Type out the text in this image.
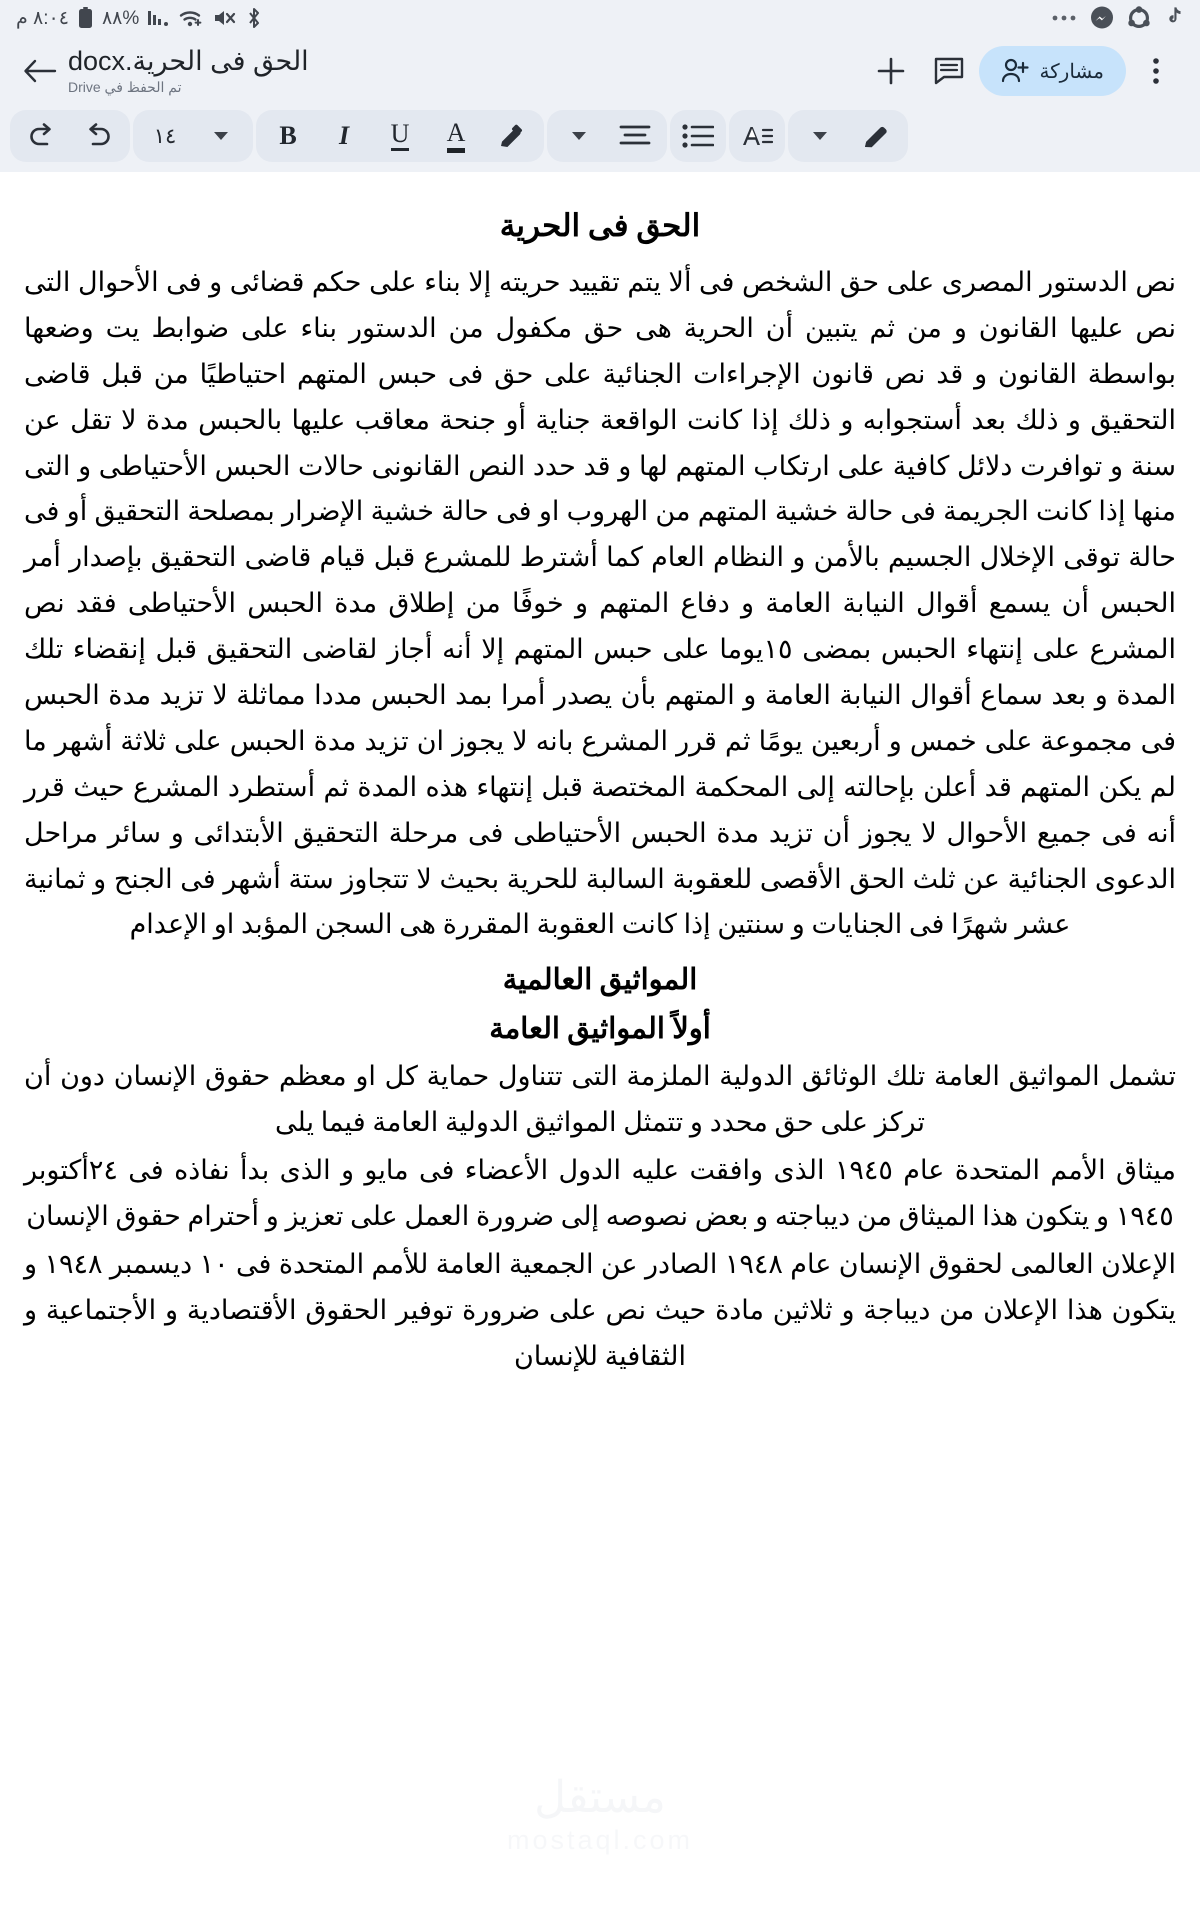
٨:٠٤ م ٨٨%
مشاركة
الحق فى الحرية.docx
تم الحفظ في Drive
A
U
I
B
١٤
الحق فى الحرية

نص الدستور المصرى على حق الشخص فى ألا يتم تقييد حريته إلا بناء على حكم قضائى و فى الأحوال التى نص عليها القانون و من ثم يتبين أن الحرية هى حق مكفول من الدستور بناء على ضوابط يت وضعها بواسطة القانون و قد نص قانون الإجراءات الجنائية على حق فى حبس المتهم احتياطيًا من قبل قاضى التحقيق و ذلك بعد أستجوابه و ذلك إذا كانت الواقعة جناية أو جنحة معاقب عليها بالحبس مدة لا تقل عن سنة و توافرت دلائل كافية على ارتكاب المتهم لها و قد حدد النص القانونى حالات الحبس الأحتياطى و التى منها إذا كانت الجريمة فى حالة خشية المتهم من الهروب او فى حالة خشية الإضرار بمصلحة التحقيق أو فى حالة توقى الإخلال الجسيم بالأمن و النظام العام كما أشترط للمشرع قبل قيام قاضى التحقيق بإصدار أمر الحبس أن يسمع أقوال النيابة العامة و دفاع المتهم و خوفًا من إطلاق مدة الحبس الأحتياطى فقد نص المشرع على إنتهاء الحبس بمضى ١٥يوما على حبس المتهم إلا أنه أجاز لقاضى التحقيق قبل إنقضاء تلك المدة و بعد سماع أقوال النيابة العامة و المتهم بأن يصدر أمرا بمد الحبس مددا مماثلة لا تزيد مدة الحبس فى مجموعة على خمس و أربعين يومًا ثم قرر المشرع بانه لا يجوز ان تزيد مدة الحبس على ثلاثة أشهر ما لم يكن المتهم قد أعلن بإحالته إلى المحكمة المختصة قبل إنتهاء هذه المدة ثم أستطرد المشرع حيث قرر أنه فى جميع الأحوال لا يجوز أن تزيد مدة الحبس الأحتياطى فى مرحلة التحقيق الأبتدائى و سائر مراحل الدعوى الجنائية عن ثلث الحق الأقصى للعقوبة السالبة للحرية بحيث لا تتجاوز ستة أشهر فى الجنح و ثمانية عشر شهرًا فى الجنايات و سنتين إذا كانت العقوبة المقررة هى السجن المؤبد او الإعدام

المواثيق العالمية
أولاً المواثيق العامة

تشمل المواثيق العامة تلك الوثائق الدولية الملزمة التى تتناول حماية كل او معظم حقوق الإنسان دون أن تركز على حق محدد و تتمثل المواثيق الدولية العامة فيما يلى

ميثاق الأمم المتحدة عام ١٩٤٥ الذى وافقت عليه الدول الأعضاء فى مايو و الذى بدأ نفاذه فى ٢٤أكتوبر ١٩٤٥ و يتكون هذا الميثاق من ديباجته و بعض نصوصه إلى ضرورة العمل على تعزيز و أحترام حقوق الإنسان

الإعلان العالمى لحقوق الإنسان عام ١٩٤٨ الصادر عن الجمعية العامة للأمم المتحدة فى ١٠ ديسمبر ١٩٤٨ و يتكون هذا الإعلان من ديباجة و ثلاثين مادة حيث نص على ضرورة توفير الحقوق الأقتصادية و الأجتماعية و الثقافية للإنسان

مستقل
mostaql.com
